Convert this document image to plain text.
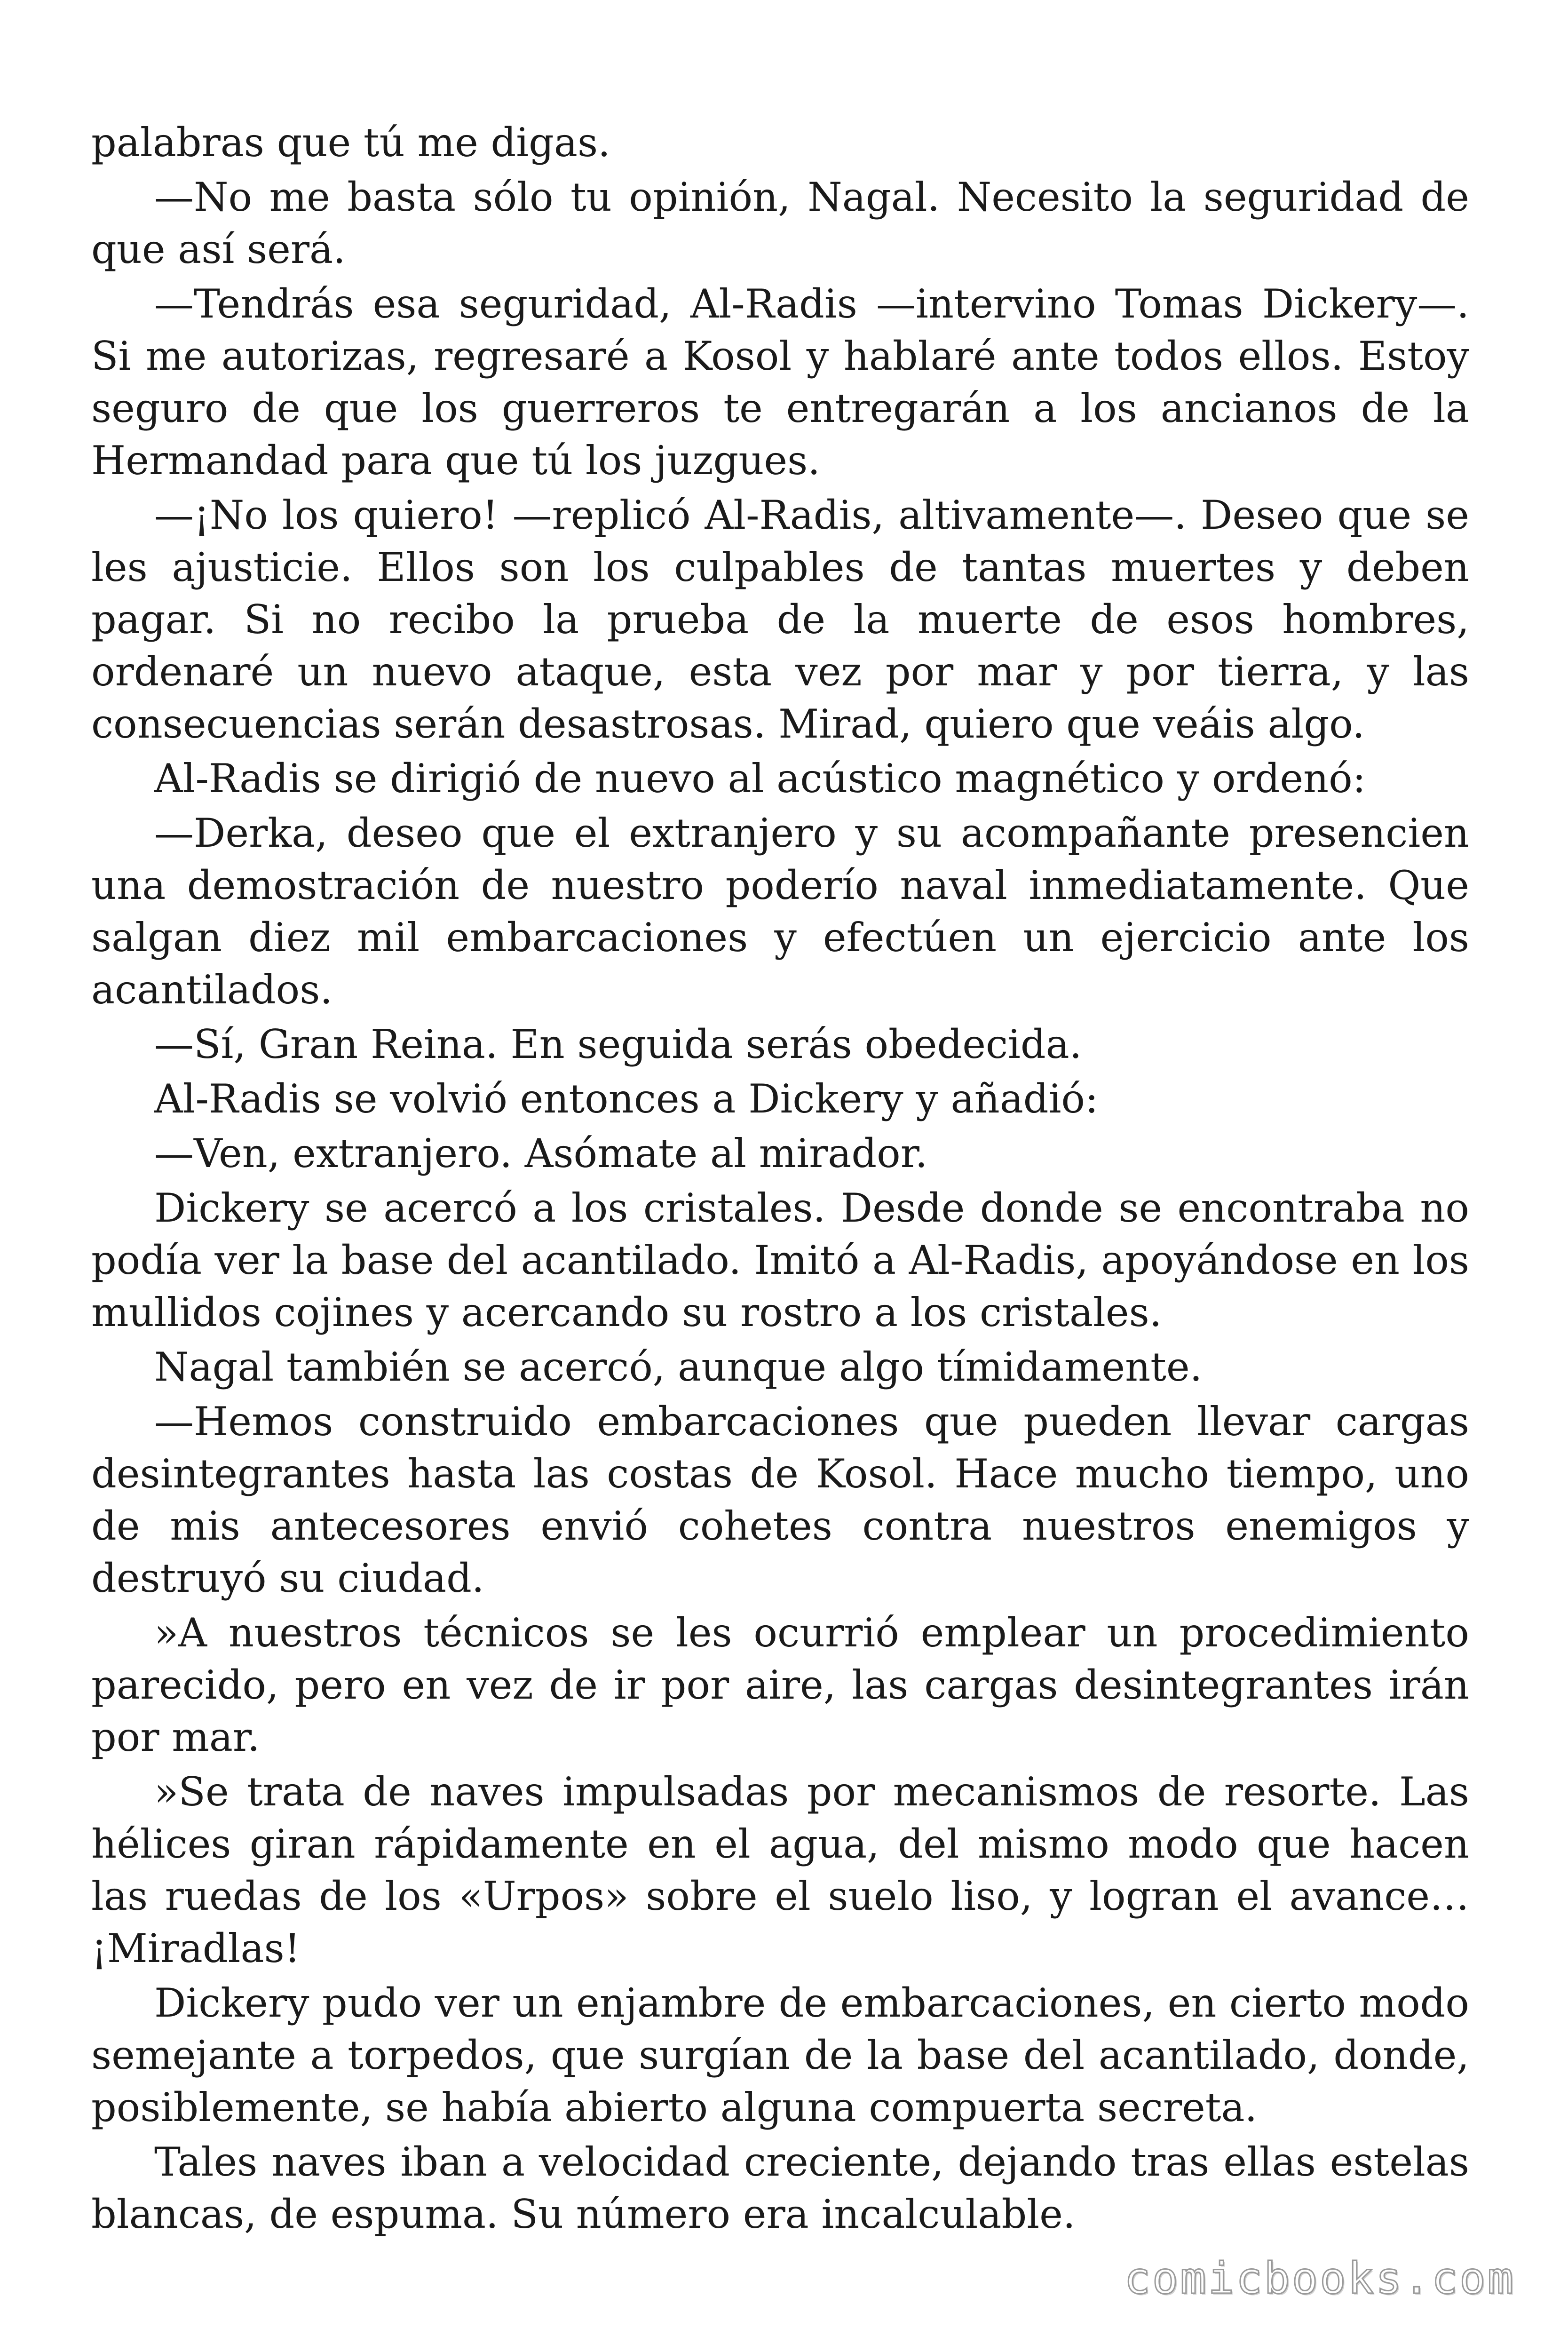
palabras que tú me digas.

—No me basta sólo tu opinión, Nagal. Necesito la seguridad de que así será.

—Tendrás esa seguridad, Al-Radis —intervino Tomas Dickery—. Si me autorizas, regresaré a Kosol y hablaré ante todos ellos. Estoy seguro de que los guerreros te entregarán a los ancianos de la Hermandad para que tú los juzgues.

—¡No los quiero! —replicó Al-Radis, altivamente—. Deseo que se les ajusticie. Ellos son los culpables de tantas muertes y deben pagar. Si no recibo la prueba de la muerte de esos hombres, ordenaré un nuevo ataque, esta vez por mar y por tierra, y las consecuencias serán desastrosas. Mirad, quiero que veáis algo.

Al-Radis se dirigió de nuevo al acústico magnético y ordenó:

—Derka, deseo que el extranjero y su acompañante presencien una demostración de nuestro poderío naval inmediatamente. Que salgan diez mil embarcaciones y efectúen un ejercicio ante los acantilados.

—Sí, Gran Reina. En seguida serás obedecida.

Al-Radis se volvió entonces a Dickery y añadió:

—Ven, extranjero. Asómate al mirador.

Dickery se acercó a los cristales. Desde donde se encontraba no podía ver la base del acantilado. Imitó a Al-Radis, apoyándose en los mullidos cojines y acercando su rostro a los cristales.

Nagal también se acercó, aunque algo tímidamente.

—Hemos construido embarcaciones que pueden llevar cargas desintegrantes hasta las costas de Kosol. Hace mucho tiempo, uno de mis antecesores envió cohetes contra nuestros enemigos y destruyó su ciudad.

»A nuestros técnicos se les ocurrió emplear un procedimiento parecido, pero en vez de ir por aire, las cargas desintegrantes irán por mar.

»Se trata de naves impulsadas por mecanismos de resorte. Las hélices giran rápidamente en el agua, del mismo modo que hacen las ruedas de los «Urpos» sobre el suelo liso, y logran el avance… ¡Miradlas!

Dickery pudo ver un enjambre de embarcaciones, en cierto modo semejante a torpedos, que surgían de la base del acantilado, donde, posiblemente, se había abierto alguna compuerta secreta.

Tales naves iban a velocidad creciente, dejando tras ellas estelas blancas, de espuma. Su número era incalculable.

comicbooks.com
